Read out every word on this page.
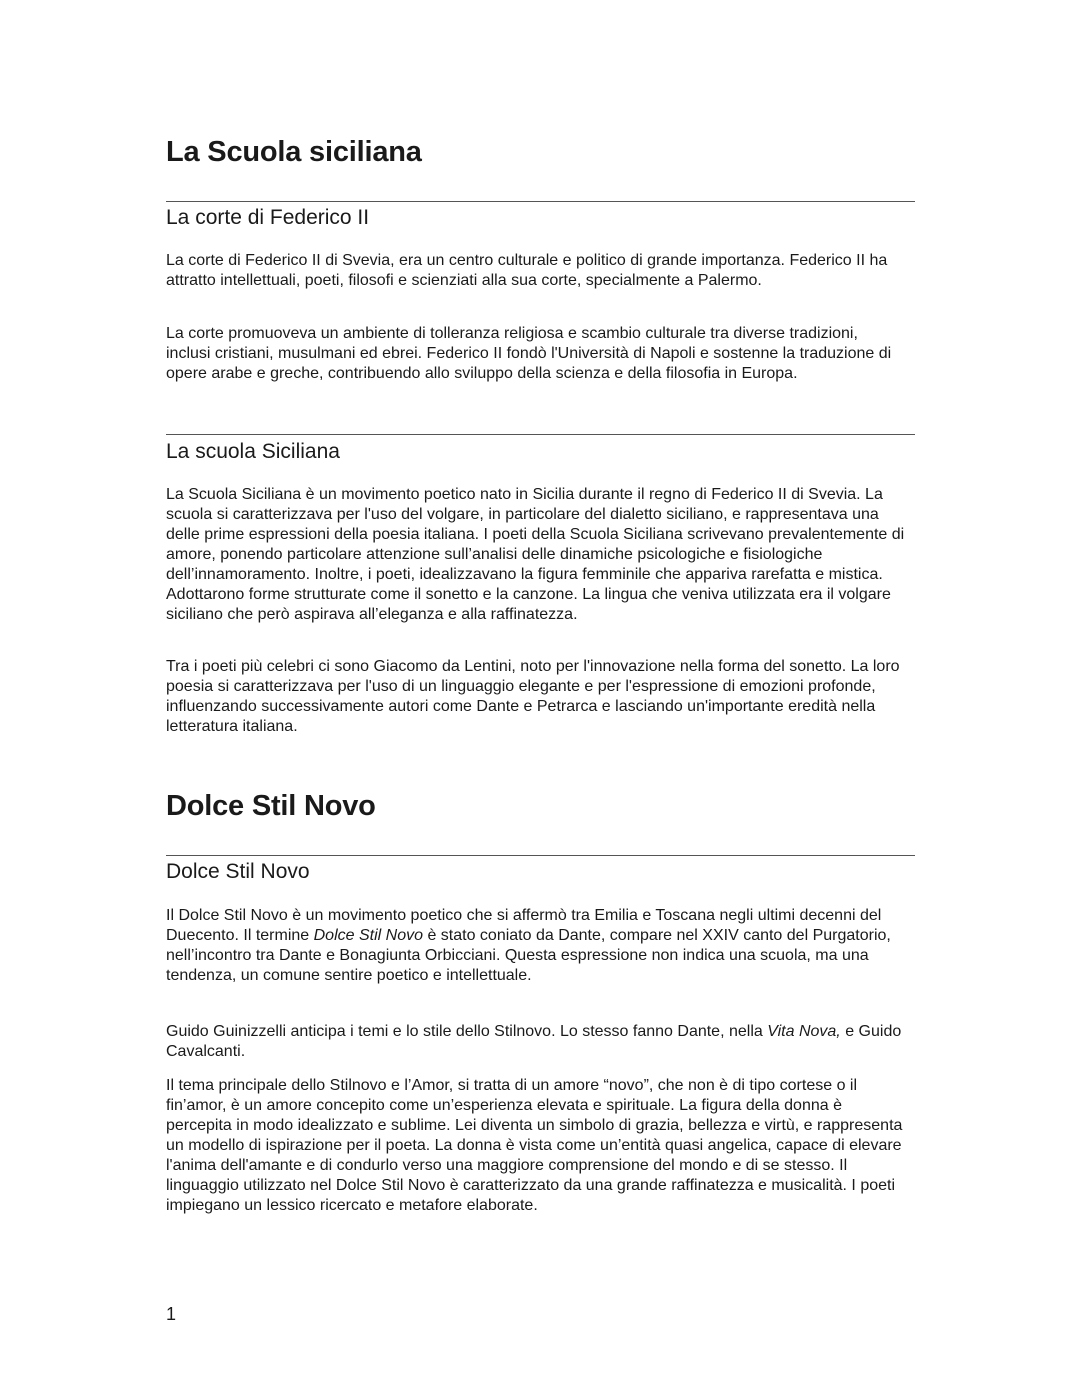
La Scuola siciliana
La corte di Federico II

La corte di Federico II di Svevia, era un centro culturale e politico di grande importanza. Federico II ha attratto intellettuali, poeti, filosofi e scienziati alla sua corte, specialmente a Palermo.

La corte promuoveva un ambiente di tolleranza religiosa e scambio culturale tra diverse tradizioni, inclusi cristiani, musulmani ed ebrei. Federico II fondò l'Università di Napoli e sostenne la traduzione di opere arabe e greche, contribuendo allo sviluppo della scienza e della filosofia in Europa.

La scuola Siciliana

La Scuola Siciliana è un movimento poetico nato in Sicilia durante il regno di Federico II di Svevia. La scuola si caratterizzava per l'uso del volgare, in particolare del dialetto siciliano, e rappresentava una delle prime espressioni della poesia italiana. I poeti della Scuola Siciliana scrivevano prevalentemente di amore, ponendo particolare attenzione sull’analisi delle dinamiche psicologiche e fisiologiche dell’innamoramento. Inoltre, i poeti, idealizzavano la figura femminile che appariva rarefatta e mistica. Adottarono forme strutturate come il sonetto e la canzone. La lingua che veniva utilizzata era il volgare siciliano che però aspirava all’eleganza e alla raffinatezza.

Tra i poeti più celebri ci sono Giacomo da Lentini, noto per l'innovazione nella forma del sonetto. La loro poesia si caratterizzava per l'uso di un linguaggio elegante e per l'espressione di emozioni profonde, influenzando successivamente autori come Dante e Petrarca e lasciando un'importante eredità nella letteratura italiana.

Dolce Stil Novo
Dolce Stil Novo

Il Dolce Stil Novo è un movimento poetico che si affermò tra Emilia e Toscana negli ultimi decenni del Duecento. Il termine Dolce Stil Novo è stato coniato da Dante, compare nel XXIV canto del Purgatorio, nell’incontro tra Dante e Bonagiunta Orbicciani. Questa espressione non indica una scuola, ma una tendenza, un comune sentire poetico e intellettuale.

Guido Guinizzelli anticipa i temi e lo stile dello Stilnovo. Lo stesso fanno Dante, nella Vita Nova, e Guido Cavalcanti.

Il tema principale dello Stilnovo e l’Amor, si tratta di un amore “novo”, che non è di tipo cortese o il fin’amor, è un amore concepito come un’esperienza elevata e spirituale. La figura della donna è percepita in modo idealizzato e sublime. Lei diventa un simbolo di grazia, bellezza e virtù, e rappresenta un modello di ispirazione per il poeta. La donna è vista come un’entità quasi angelica, capace di elevare l'anima dell'amante e di condurlo verso una maggiore comprensione del mondo e di se stesso. Il linguaggio utilizzato nel Dolce Stil Novo è caratterizzato da una grande raffinatezza e musicalità. I poeti impiegano un lessico ricercato e metafore elaborate.

1
